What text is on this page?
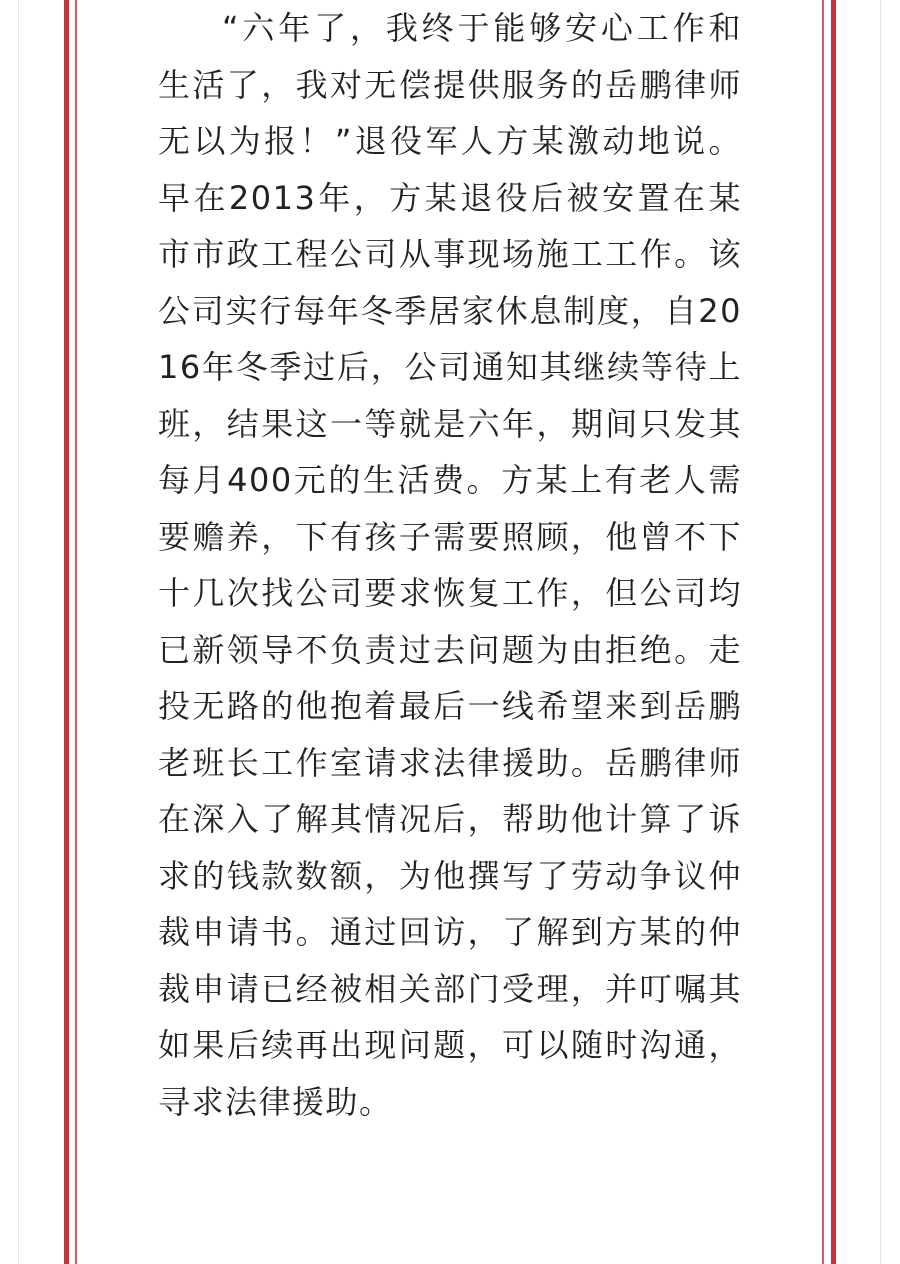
“六年了，我终于能够安心工作和生活了，我对无偿提供服务的岳鹏律师无以为报！”退役军人方某激动地说。早在2013年，方某退役后被安置在某市市政工程公司从事现场施工工作。该公司实行每年冬季居家休息制度，自2016年冬季过后，公司通知其继续等待上班，结果这一等就是六年，期间只发其每月400元的生活费。方某上有老人需要赡养，下有孩子需要照顾，他曾不下十几次找公司要求恢复工作，但公司均已新领导不负责过去问题为由拒绝。走投无路的他抱着最后一线希望来到岳鹏老班长工作室请求法律援助。岳鹏律师在深入了解其情况后，帮助他计算了诉求的钱款数额，为他撰写了劳动争议仲裁申请书。通过回访，了解到方某的仲裁申请已经被相关部门受理，并叮嘱其如果后续再出现问题，可以随时沟通，寻求法律援助。
